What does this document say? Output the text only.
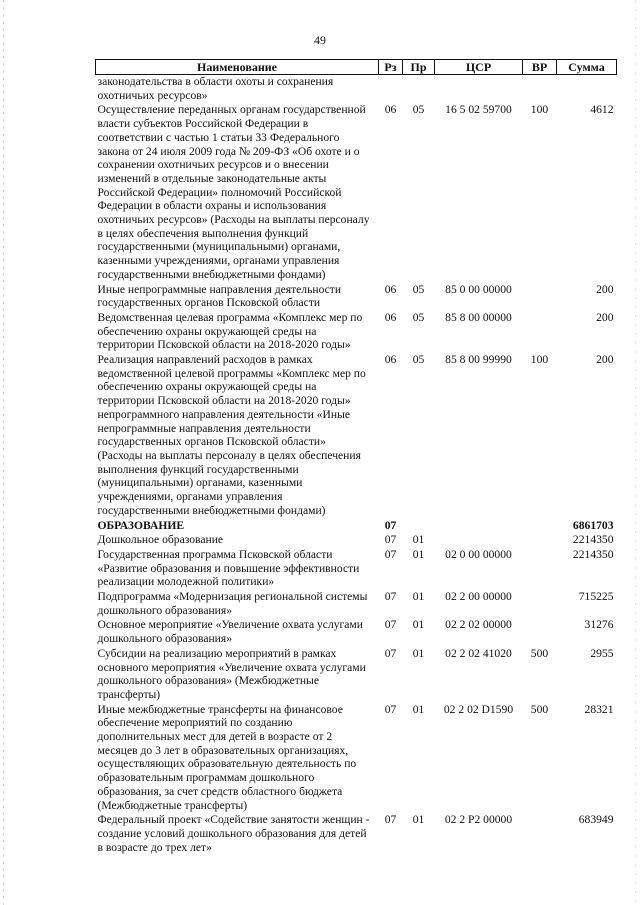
49
Наименование	Рз	Пр	ЦСР	ВР	Сумма
законодательства в области охоты и сохранения охотничьих ресурсов»					
Осуществление переданных органам государственной власти субъектов Российской Федерации в соответствии с частью 1 статьи 33 Федерального закона от 24 июля 2009 года № 209-ФЗ «Об охоте и о сохранении охотничьих ресурсов и о внесении изменений в отдельные законодательные акты Российской Федерации» полномочий Российской Федерации в области охраны и использования охотничьих ресурсов» (Расходы на выплаты персоналу в целях обеспечения выполнения функций государственными (муниципальными) органами, казенными учреждениями, органами управления государственными внебюджетными фондами)	06	05	16 5 02 59700	100	4612
Иные непрограммные направления деятельности государственных органов Псковской области	06	05	85 0 00 00000		200
Ведомственная целевая программа «Комплекс мер по обеспечению охраны окружающей среды на территории Псковской области на 2018-2020 годы»	06	05	85 8 00 00000		200
Реализация направлений расходов в рамках ведомственной целевой программы «Комплекс мер по обеспечению охраны окружающей среды на территории Псковской области на 2018-2020 годы» непрограммного направления деятельности «Иные непрограммные направления деятельности государственных органов Псковской области» (Расходы на выплаты персоналу в целях обеспечения выполнения функций государственными (муниципальными) органами, казенными учреждениями, органами управления государственными внебюджетными фондами)	06	05	85 8 00 99990	100	200
ОБРАЗОВАНИЕ	07				6861703
Дошкольное образование	07	01			2214350
Государственная программа Псковской области «Развитие образования и повышение эффективности реализации молодежной политики»	07	01	02 0 00 00000		2214350
Подпрограмма «Модернизация региональной системы дошкольного образования»	07	01	02 2 00 00000		715225
Основное мероприятие «Увеличение охвата услугами дошкольного образования»	07	01	02 2 02 00000		31276
Субсидии на реализацию мероприятий в рамках основного мероприятия «Увеличение охвата услугами дошкольного образования» (Межбюджетные трансферты)	07	01	02 2 02 41020	500	2955
Иные межбюджетные трансферты на финансовое обеспечение мероприятий по созданию дополнительных мест для детей в возрасте от 2 месяцев до 3 лет в образовательных организациях, осуществляющих образовательную деятельность по образовательным программам дошкольного образования, за счет средств областного бюджета (Межбюджетные трансферты)	07	01	02 2 02 D1590	500	28321
Федеральный проект «Содействие занятости женщин - создание условий дошкольного образования для детей в возрасте до трех лет»	07	01	02 2 P2 00000		683949
